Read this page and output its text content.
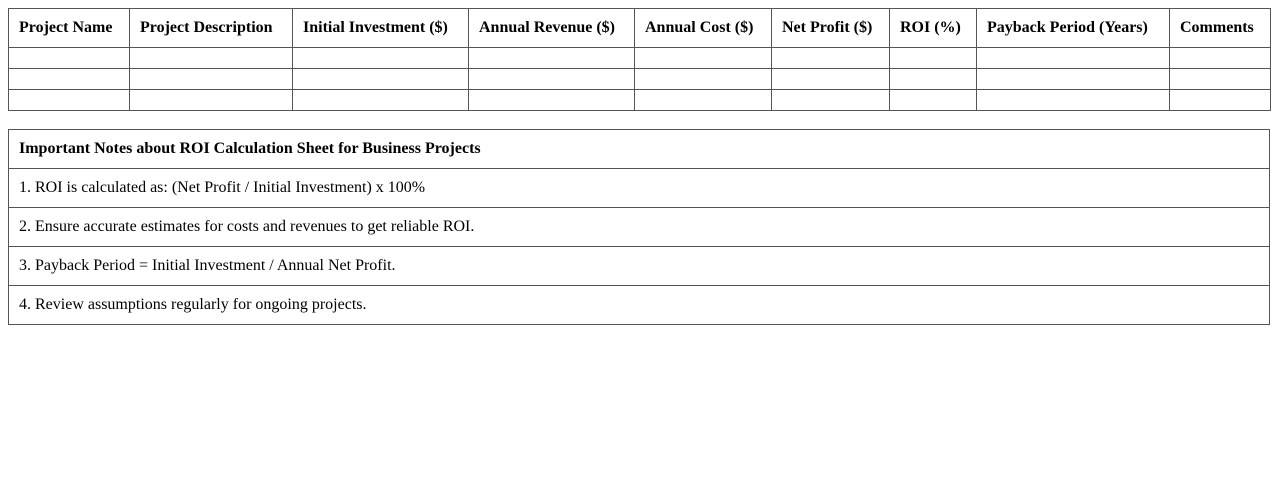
Project Name	Project Description	Initial Investment ($)	Annual Revenue ($)	Annual Cost ($)	Net Profit ($)	ROI (%)	Payback Period (Years)	Comments

Important Notes about ROI Calculation Sheet for Business Projects
1. ROI is calculated as: (Net Profit / Initial Investment) x 100%
2. Ensure accurate estimates for costs and revenues to get reliable ROI.
3. Payback Period = Initial Investment / Annual Net Profit.
4. Review assumptions regularly for ongoing projects.
